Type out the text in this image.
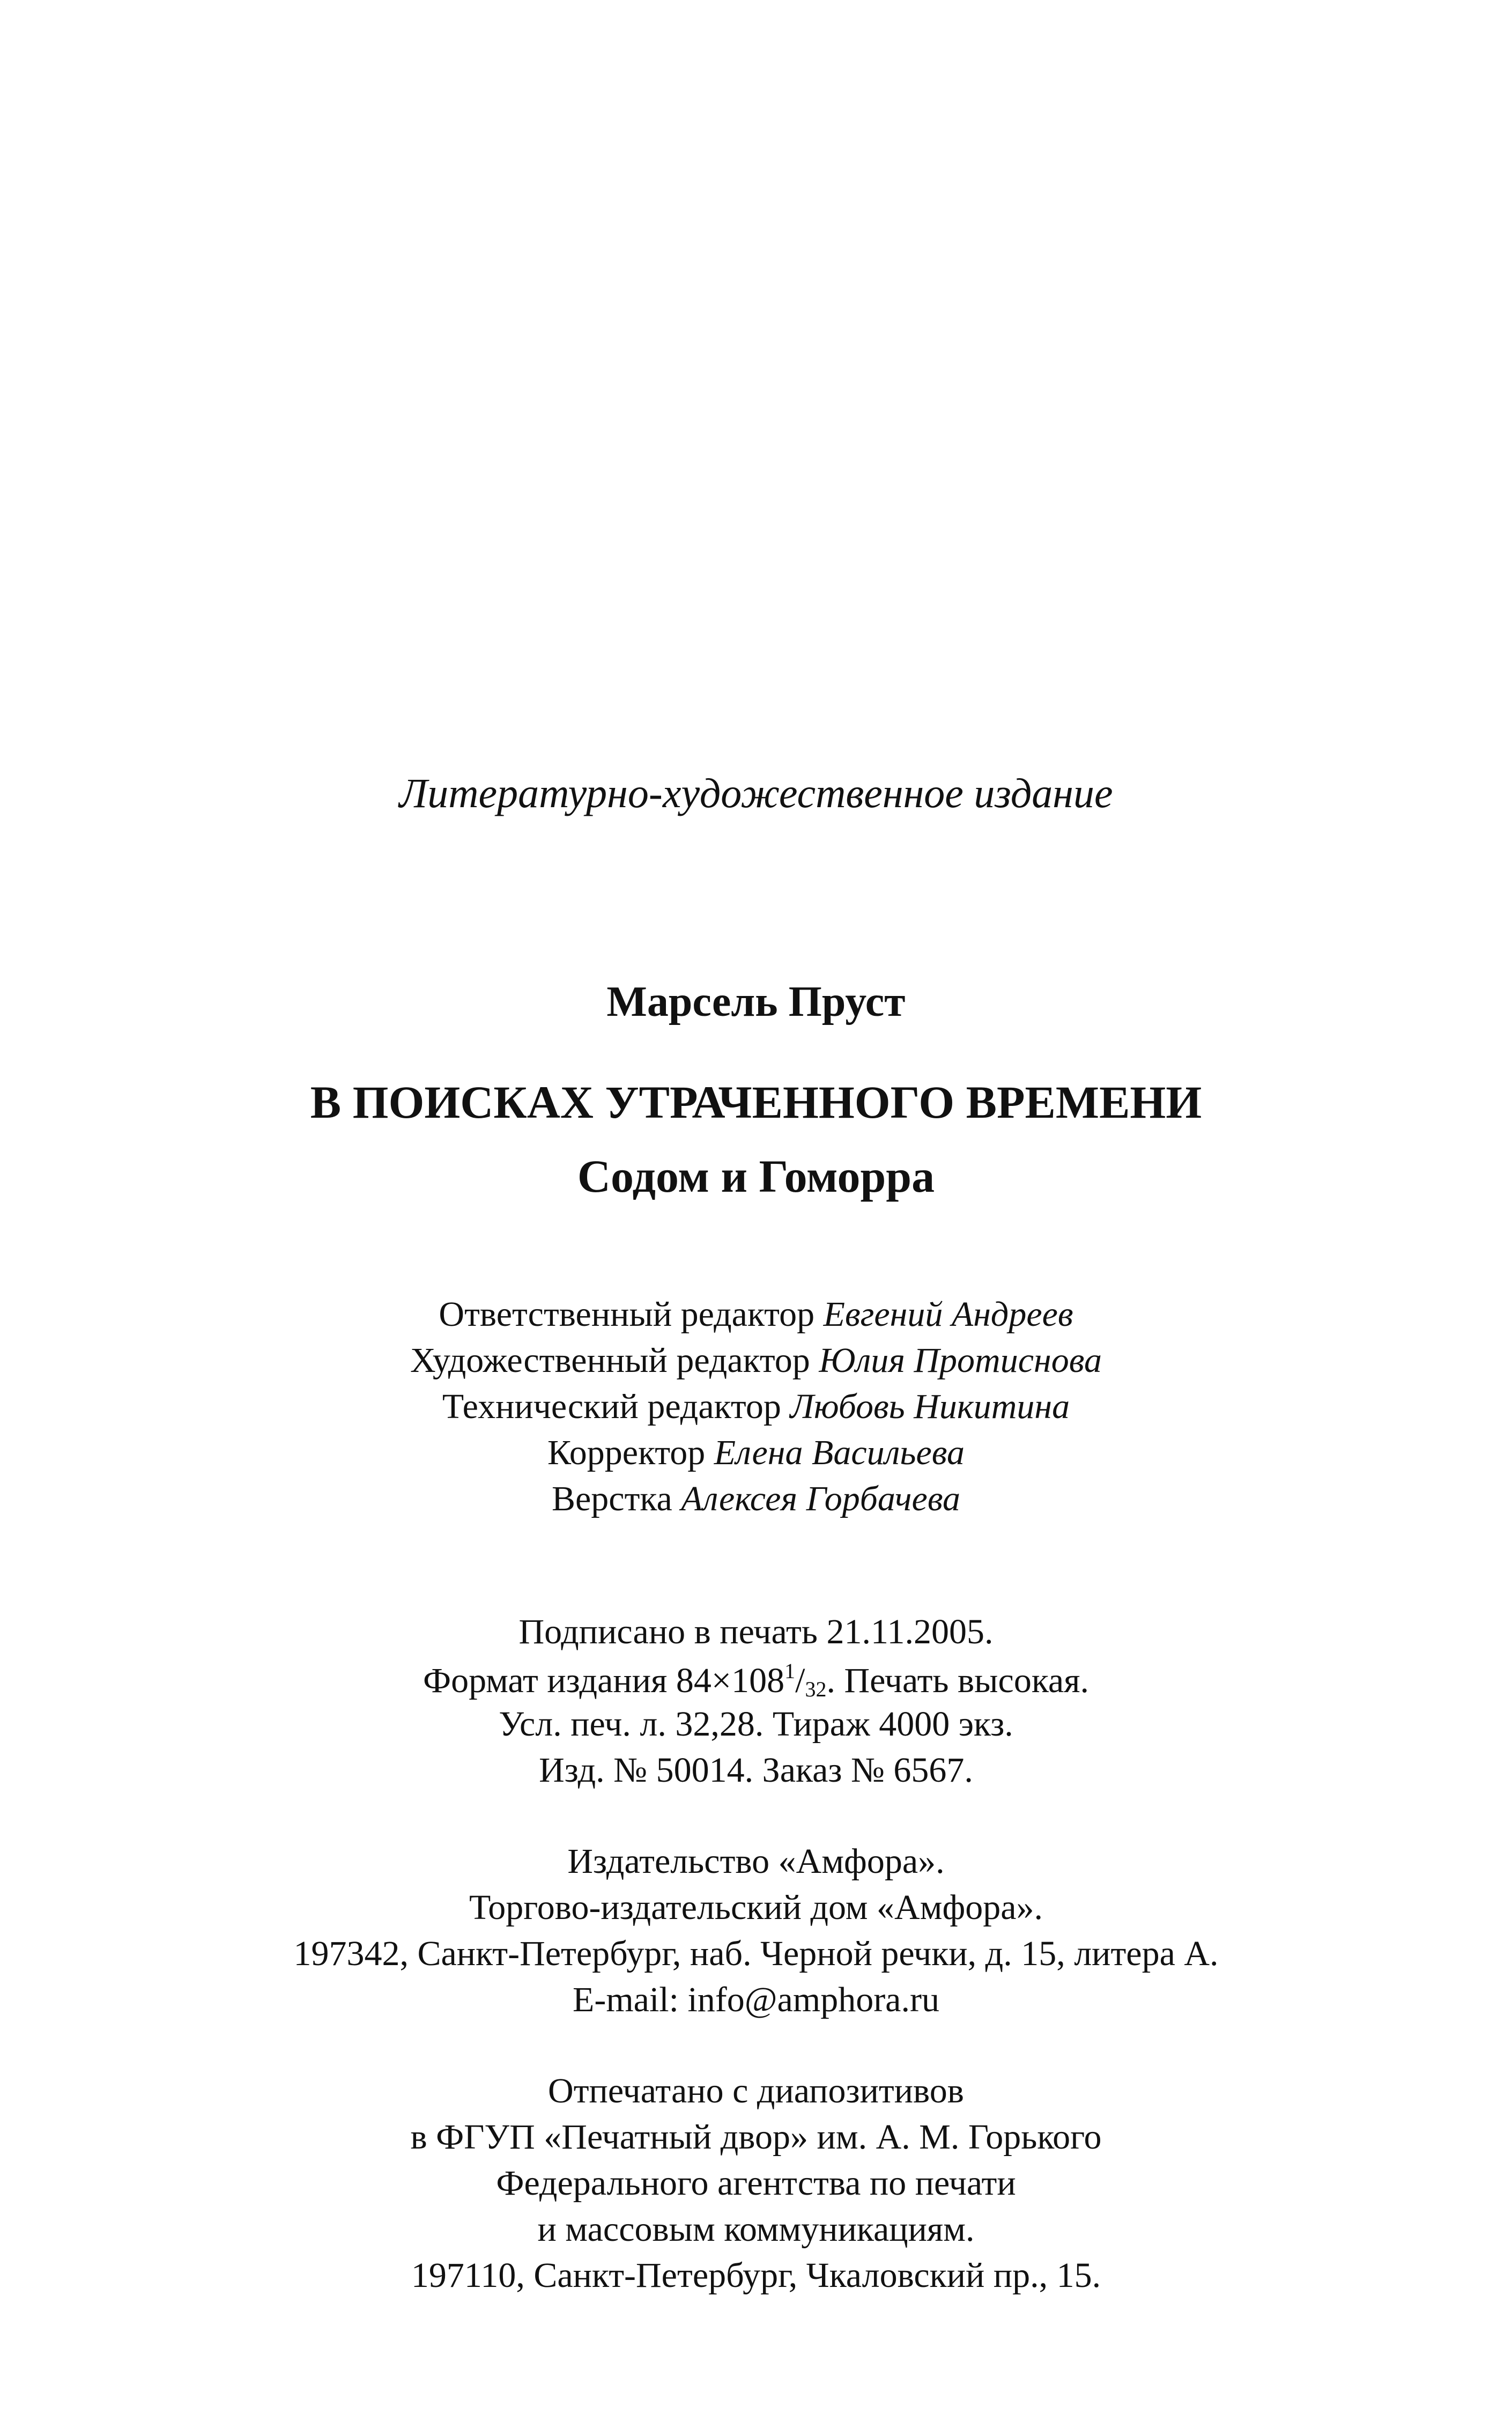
Литературно-художественное издание
Марсель Пруст
В ПОИСКАХ УТРАЧЕННОГО ВРЕМЕНИ
Содом и Гоморра
Ответственный редактор Евгений Андреев
Художественный редактор Юлия Протиснова
Технический редактор Любовь Никитина
Корректор Елена Васильева
Верстка Алексея Горбачева
Подписано в печать 21.11.2005.
Формат издания $84\times 108^1/_{32}$. Печать высокая.
Усл. печ. л. 32,28. Тираж 4000 экз.
Изд. № 50014. Заказ № 6567.
Издательство «Амфора».
Торгово-издательский дом «Амфора».
197342, Санкт-Петербург, наб. Черной речки, д. 15, литера А.
E-mail: info@amphora.ru
Отпечатано с диапозитивов
в ФГУП «Печатный двор» им. А. М. Горького
Федерального агентства по печати
и массовым коммуникациям.
197110, Санкт-Петербург, Чкаловский пр., 15.
